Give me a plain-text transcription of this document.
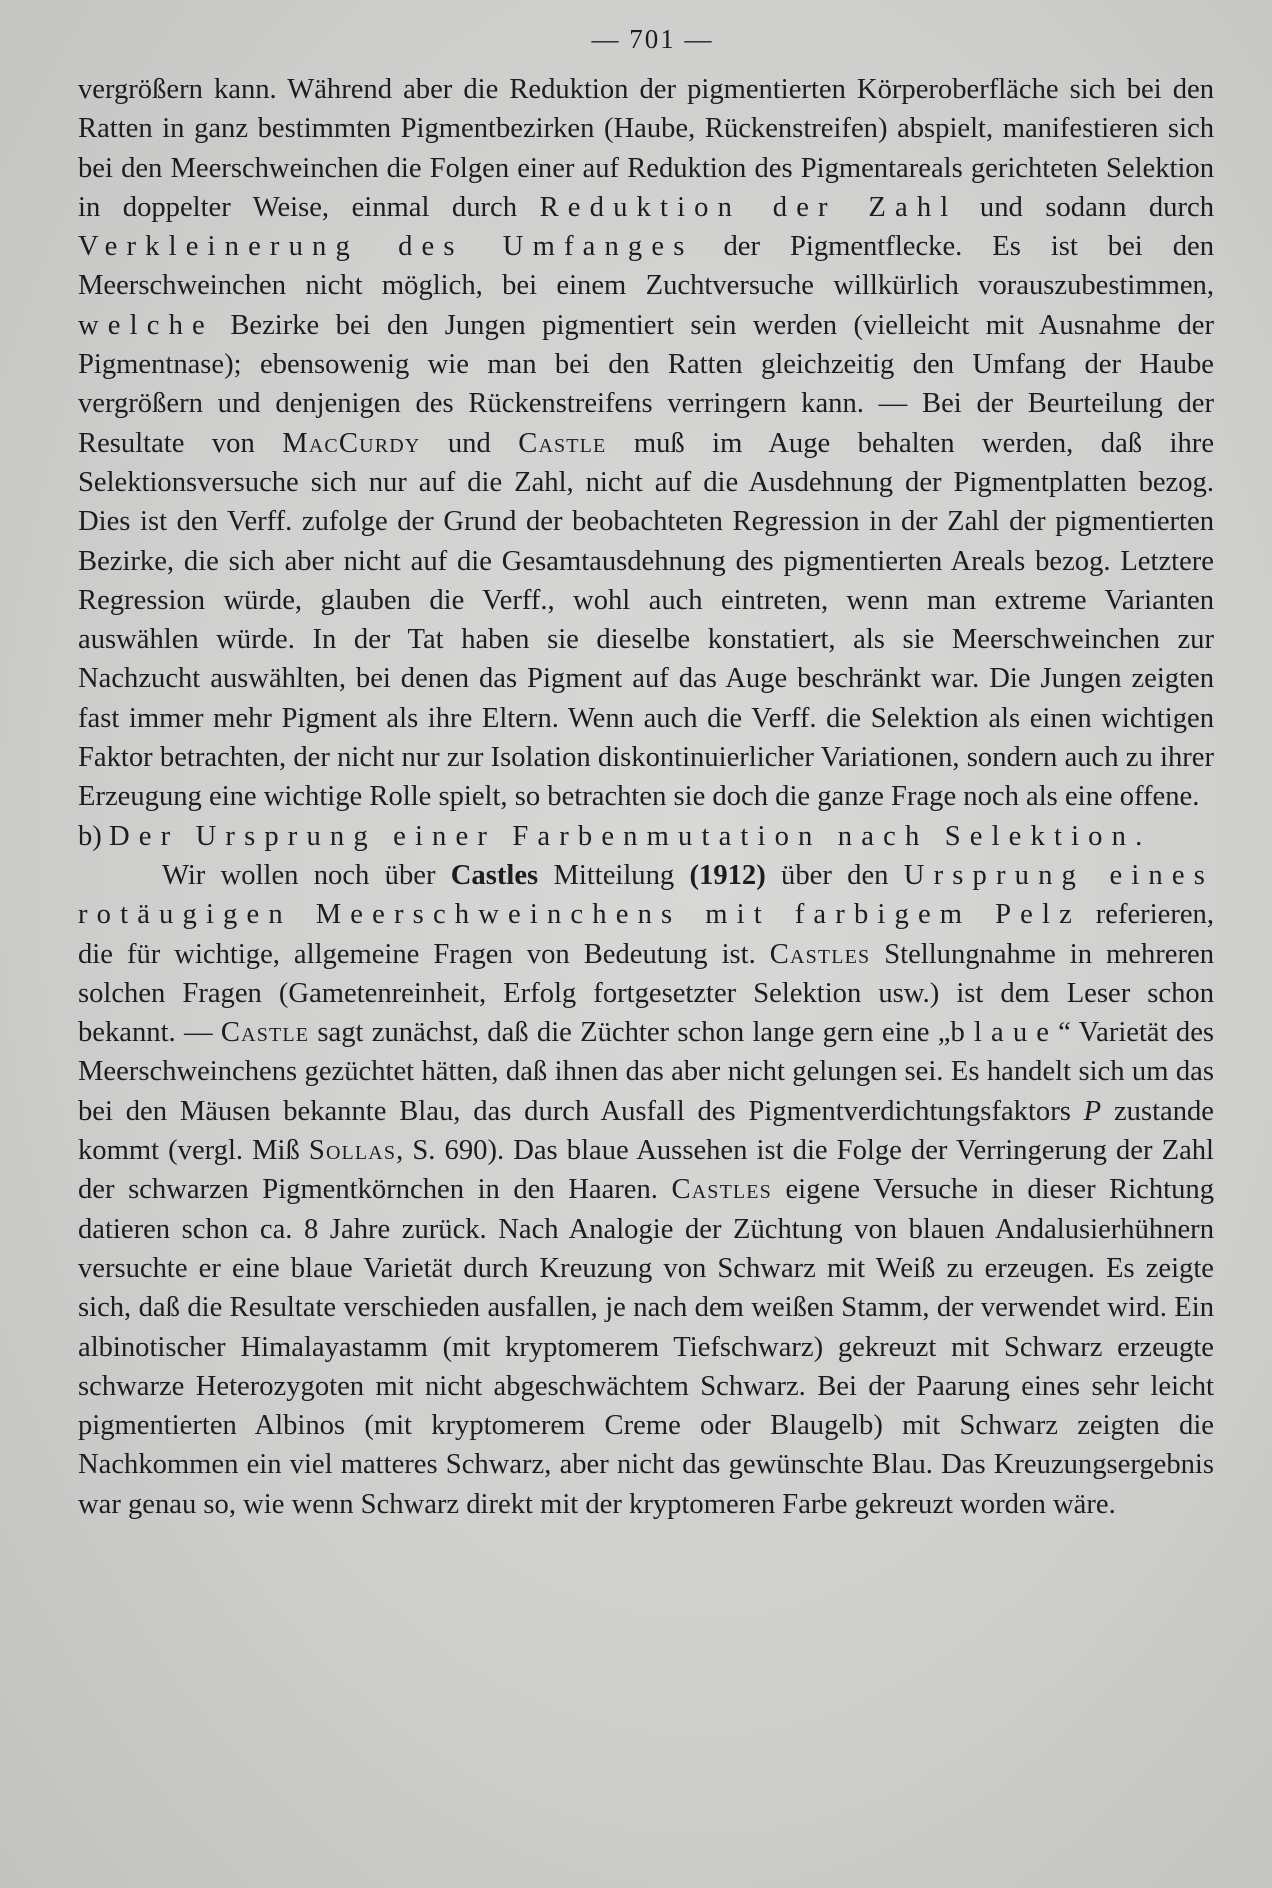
— 701 —

vergrößern kann. Während aber die Reduktion der pigmentierten Körperoberfläche sich bei den Ratten in ganz bestimmten Pigmentbezirken (Haube, Rückenstreifen) abspielt, manifestieren sich bei den Meerschweinchen die Folgen einer auf Reduktion des Pigmentareals gerichteten Selektion in doppelter Weise, einmal durch Reduktion der Zahl und sodann durch Verkleinerung des Umfanges der Pigmentflecke. Es ist bei den Meerschweinchen nicht möglich, bei einem Zuchtversuche willkürlich vorauszubestimmen, welche Bezirke bei den Jungen pigmentiert sein werden (vielleicht mit Ausnahme der Pigmentnase); ebensowenig wie man bei den Ratten gleichzeitig den Umfang der Haube vergrößern und denjenigen des Rückenstreifens verringern kann. — Bei der Beurteilung der Resultate von MacCurdy und Castle muß im Auge behalten werden, daß ihre Selektionsversuche sich nur auf die Zahl, nicht auf die Ausdehnung der Pigmentplatten bezog. Dies ist den Verff. zufolge der Grund der beobachteten Regression in der Zahl der pigmentierten Bezirke, die sich aber nicht auf die Gesamtausdehnung des pigmentierten Areals bezog. Letztere Regression würde, glauben die Verff., wohl auch eintreten, wenn man extreme Varianten auswählen würde. In der Tat haben sie dieselbe konstatiert, als sie Meerschweinchen zur Nachzucht auswählten, bei denen das Pigment auf das Auge beschränkt war. Die Jungen zeigten fast immer mehr Pigment als ihre Eltern. Wenn auch die Verff. die Selektion als einen wichtigen Faktor betrachten, der nicht nur zur Isolation diskontinuierlicher Variationen, sondern auch zu ihrer Erzeugung eine wichtige Rolle spielt, so betrachten sie doch die ganze Frage noch als eine offene.

b) Der Ursprung einer Farbenmutation nach Selektion.

Wir wollen noch über Castles Mitteilung (1912) über den Ursprung eines rotäugigen Meerschweinchens mit farbigem Pelz referieren, die für wichtige, allgemeine Fragen von Bedeutung ist. Castles Stellungnahme in mehreren solchen Fragen (Gametenreinheit, Erfolg fortgesetzter Selektion usw.) ist dem Leser schon bekannt. — Castle sagt zunächst, daß die Züchter schon lange gern eine „blaue“ Varietät des Meerschweinchens gezüchtet hätten, daß ihnen das aber nicht gelungen sei. Es handelt sich um das bei den Mäusen bekannte Blau, das durch Ausfall des Pigmentverdichtungsfaktors P zustande kommt (vergl. Miß Sollas, S. 690). Das blaue Aussehen ist die Folge der Verringerung der Zahl der schwarzen Pigmentkörnchen in den Haaren. Castles eigene Versuche in dieser Richtung datieren schon ca. 8 Jahre zurück. Nach Analogie der Züchtung von blauen Andalusierhühnern versuchte er eine blaue Varietät durch Kreuzung von Schwarz mit Weiß zu erzeugen. Es zeigte sich, daß die Resultate verschieden ausfallen, je nach dem weißen Stamm, der verwendet wird. Ein albinotischer Himalayastamm (mit kryptomerem Tiefschwarz) gekreuzt mit Schwarz erzeugte schwarze Heterozygoten mit nicht abgeschwächtem Schwarz. Bei der Paarung eines sehr leicht pigmentierten Albinos (mit kryptomerem Creme oder Blaugelb) mit Schwarz zeigten die Nachkommen ein viel matteres Schwarz, aber nicht das gewünschte Blau. Das Kreuzungsergebnis war genau so, wie wenn Schwarz direkt mit der kryptomeren Farbe gekreuzt worden wäre.
